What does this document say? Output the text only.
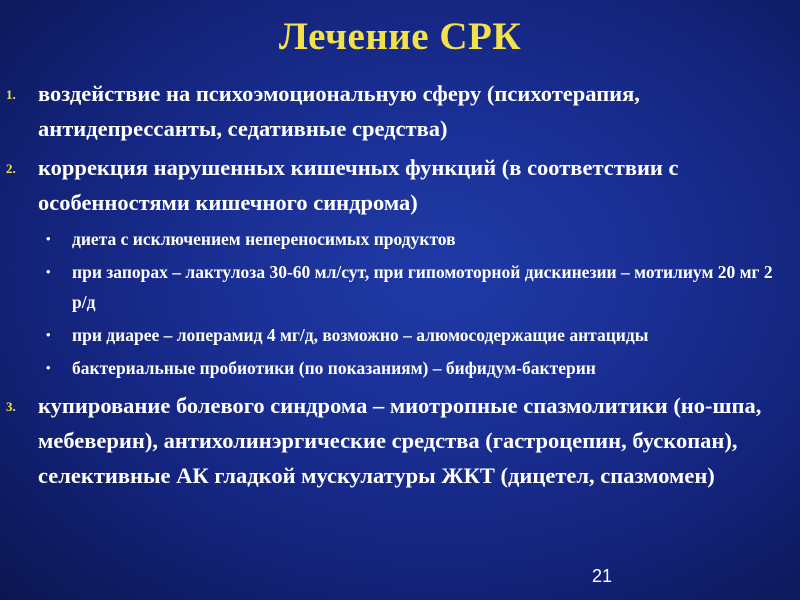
Лечение СРК
1. воздействие на психоэмоциональную сферу (психотерапия, антидепрессанты, седативные средства)
2. коррекция нарушенных кишечных функций (в соответствии с особенностями кишечного синдрома)
• диета с исключением непереносимых продуктов
• при запорах – лактулоза 30-60 мл/сут, при гипомоторной дискинезии – мотилиум 20 мг 2 р/д
• при диарее – лоперамид 4 мг/д, возможно – алюмосодержащие антациды
• бактериальные пробиотики (по показаниям) – бифидум-бактерин
3. купирование болевого синдрома – миотропные спазмолитики (но-шпа, мебеверин), антихолинэргические средства (гастроцепин, бускопан), селективные АК гладкой мускулатуры ЖКТ (дицетел, спазмомен)
21
